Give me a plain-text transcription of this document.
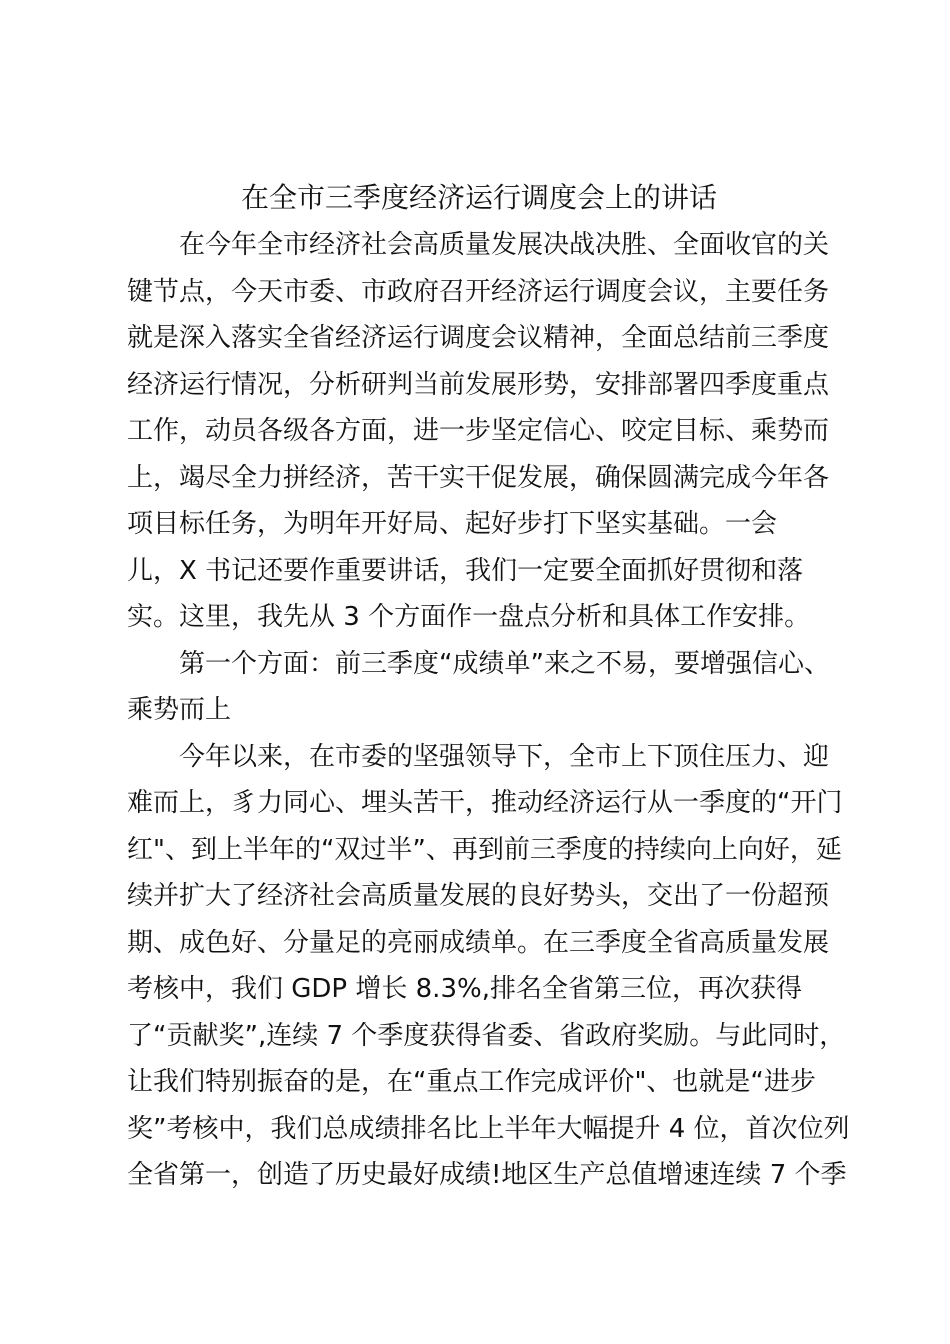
在全市三季度经济运行调度会上的讲话
在今年全市经济社会高质量发展决战决胜、全面收官的关
键节点，今天市委、市政府召开经济运行调度会议，主要任务
就是深入落实全省经济运行调度会议精神，全面总结前三季度
经济运行情况，分析研判当前发展形势，安排部署四季度重点
工作，动员各级各方面，进一步坚定信心、咬定目标、乘势而
上，竭尽全力拼经济，苦干实干促发展，确保圆满完成今年各
项目标任务，为明年开好局、起好步打下坚实基础。一会
儿，X 书记还要作重要讲话，我们一定要全面抓好贯彻和落
实。这里，我先从 3 个方面作一盘点分析和具体工作安排。
第一个方面：前三季度“成绩单”来之不易，要增强信心、
乘势而上
今年以来，在市委的坚强领导下，全市上下顶住压力、迎
难而上，豸力同心、埋头苦干，推动经济运行从一季度的“开门
红"、到上半年的“双过半”、再到前三季度的持续向上向好，延
续并扩大了经济社会高质量发展的良好势头，交出了一份超预
期、成色好、分量足的亮丽成绩单。在三季度全省高质量发展
考核中，我们 GDP 增长 8.3%,排名全省第三位，再次获得
了“贡献奖”,连续 7 个季度获得省委、省政府奖励。与此同时，
让我们特别振奋的是，在“重点工作完成评价"、也就是“进步
奖”考核中，我们总成绩排名比上半年大幅提升 4 位，首次位列
全省第一，创造了历史最好成绩!地区生产总值增速连续 7 个季
